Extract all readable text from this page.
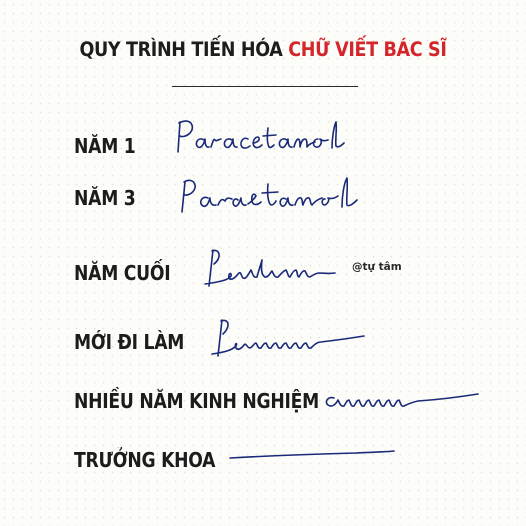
QUY TRÌNH TIẾN HÓA CHỮ VIẾT BÁC SĨ
NĂM 1
NĂM 3
NĂM CUỐI
MỚI ĐI LÀM
NHIỀU NĂM KINH NGHIỆM
TRƯỞNG KHOA
@tự tâm
